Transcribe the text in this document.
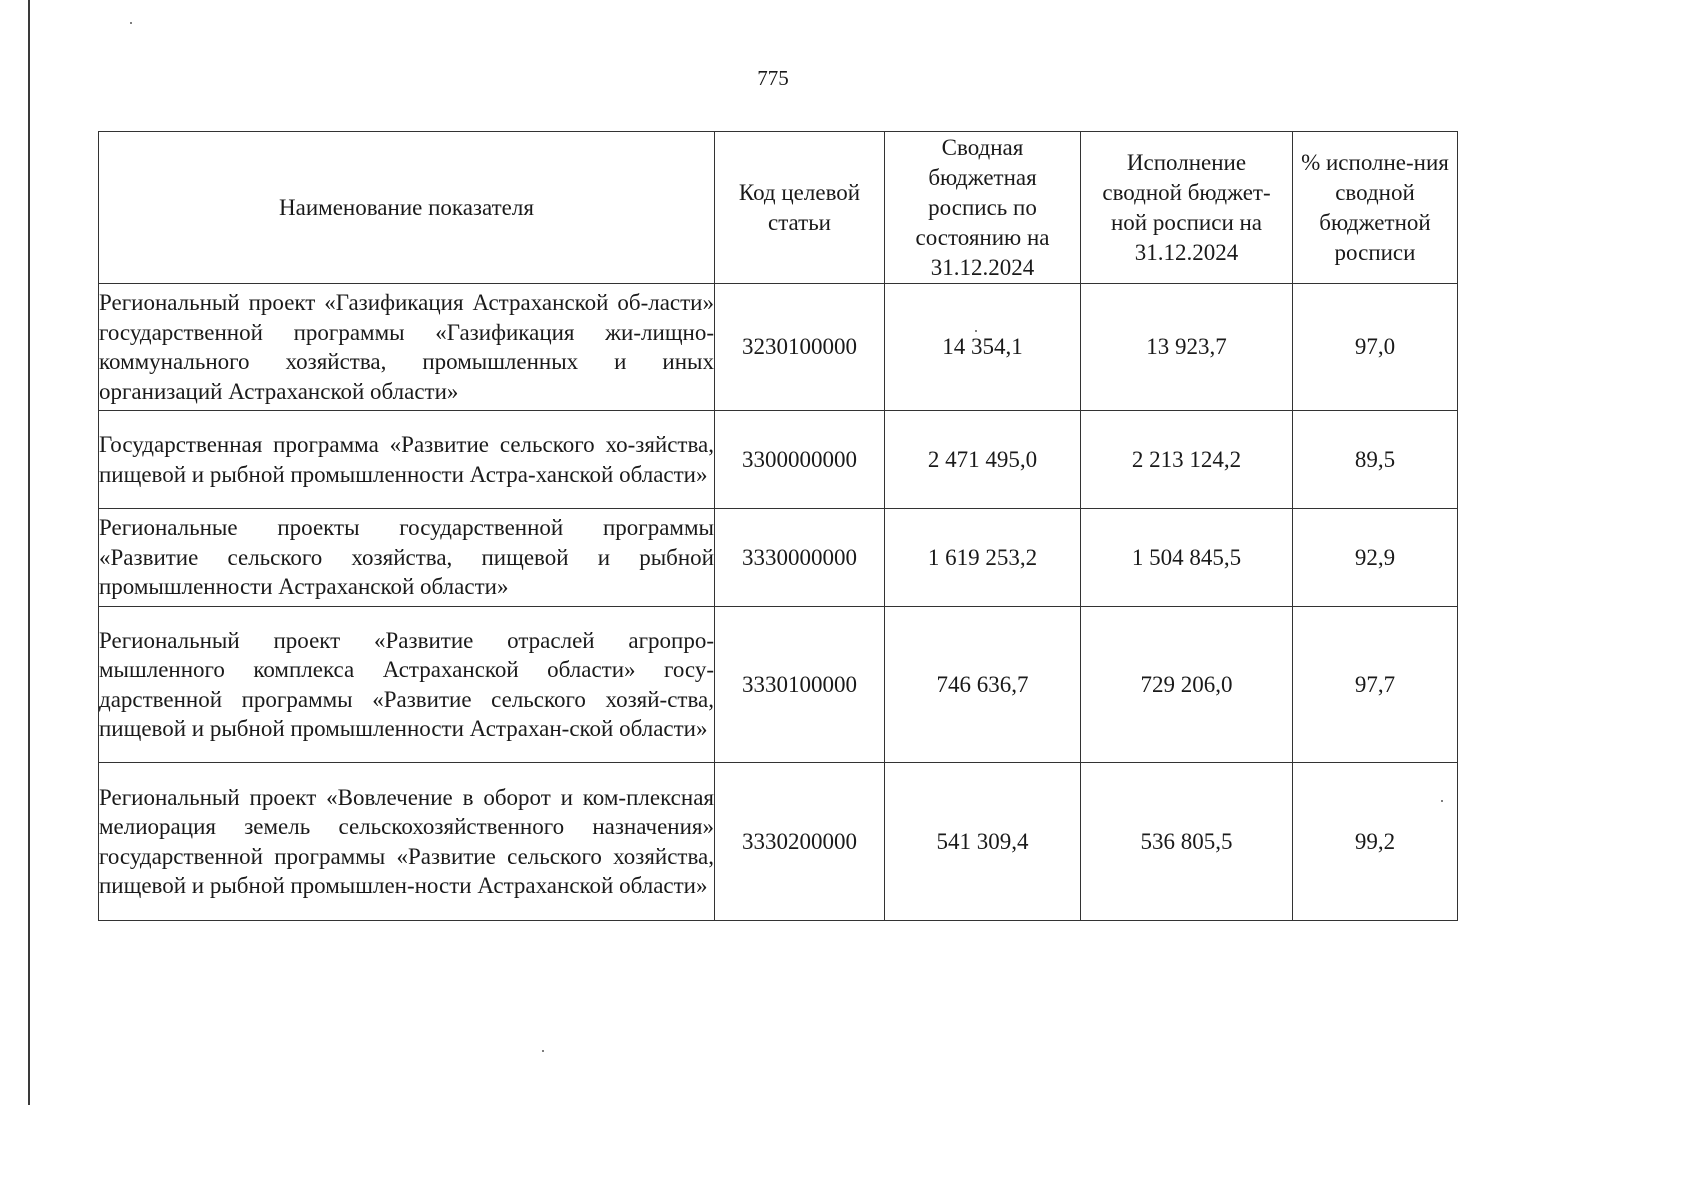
775
Наименование показателя	Код целевой статьи	Сводная бюджетная роспись по состоянию на 31.12.2024	Исполнение сводной бюджет-ной росписи на 31.12.2024	% исполне-ния сводной бюджетной росписи
Региональный проект «Газификация Астраханской об-ласти» государственной программы «Газификация жи-лищно-коммунального хозяйства, промышленных и иных организаций Астраханской области»	3230100000	14 354,1	13 923,7	97,0
Государственная программа «Развитие сельского хо-зяйства, пищевой и рыбной промышленности Астра-ханской области»	3300000000	2 471 495,0	2 213 124,2	89,5
Региональные проекты государственной программы «Развитие сельского хозяйства, пищевой и рыбной промышленности Астраханской области»	3330000000	1 619 253,2	1 504 845,5	92,9
Региональный проект «Развитие отраслей агропро-мышленного комплекса Астраханской области» госу-дарственной программы «Развитие сельского хозяй-ства, пищевой и рыбной промышленности Астрахан-ской области»	3330100000	746 636,7	729 206,0	97,7
Региональный проект «Вовлечение в оборот и ком-плексная мелиорация земель сельскохозяйственного назначения» государственной программы «Развитие сельского хозяйства, пищевой и рыбной промышлен-ности Астраханской области»	3330200000	541 309,4	536 805,5	99,2
